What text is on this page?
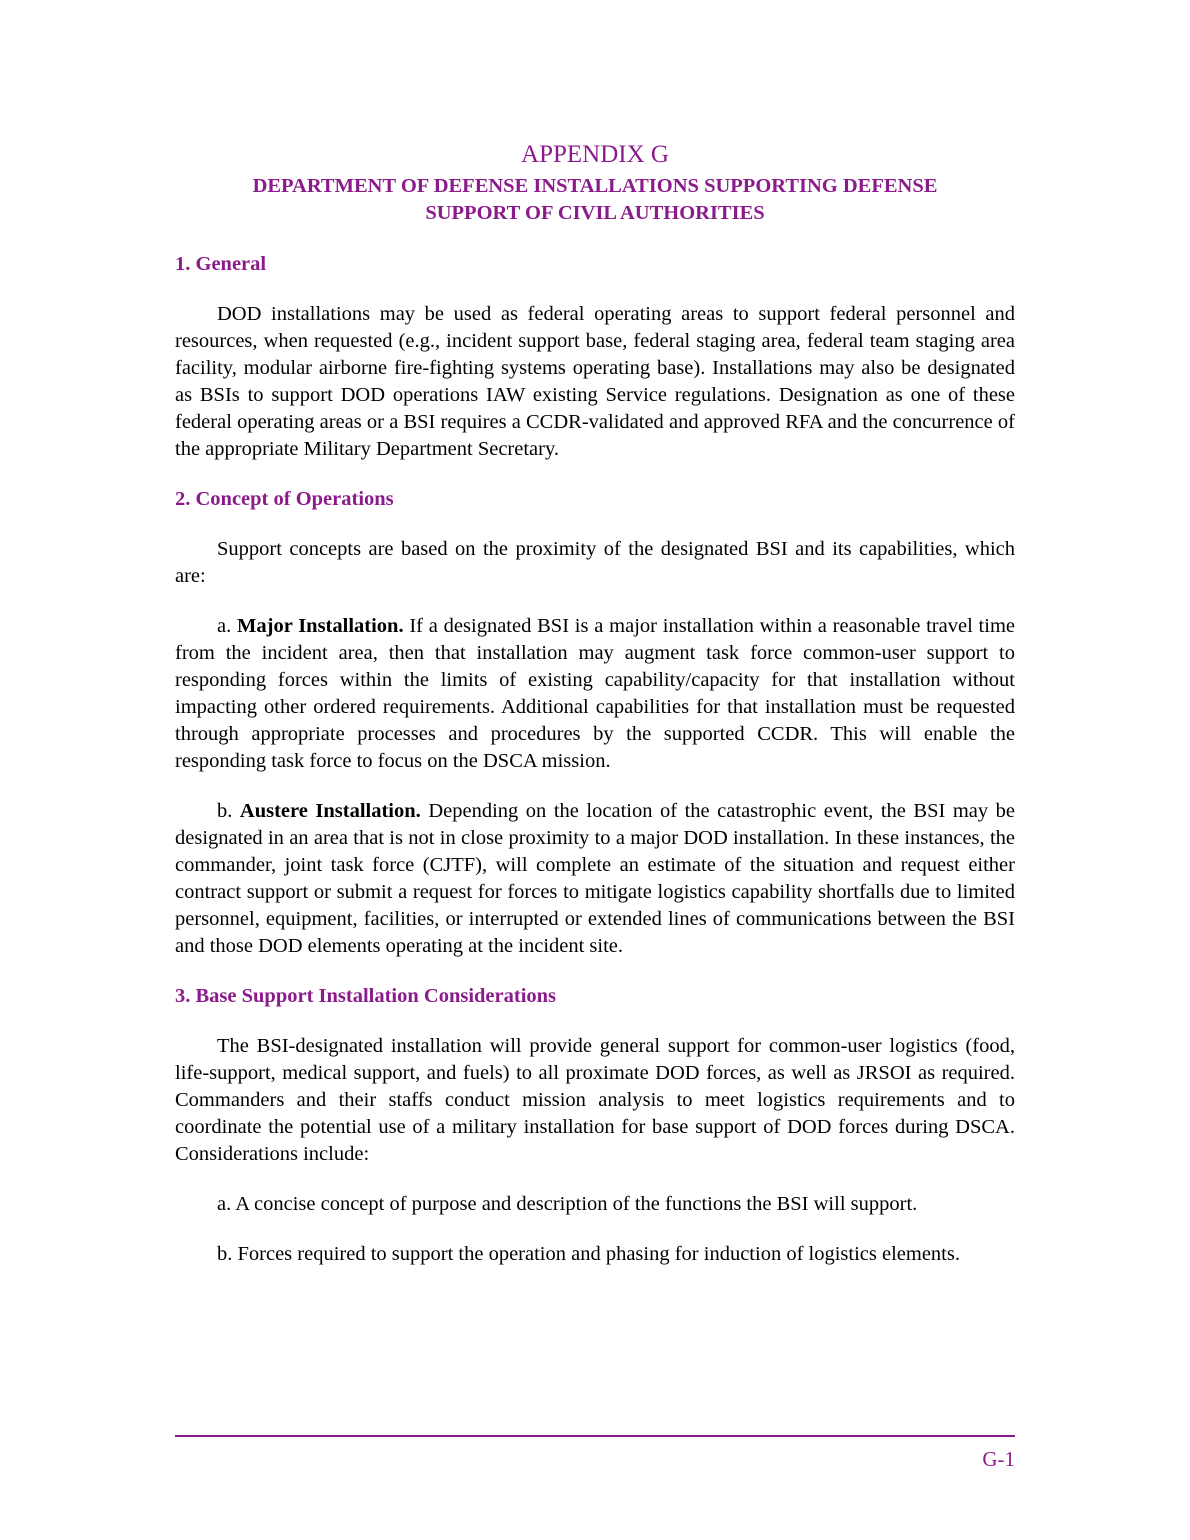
APPENDIX G
DEPARTMENT OF DEFENSE INSTALLATIONS SUPPORTING DEFENSE
SUPPORT OF CIVIL AUTHORITIES
1. General

DOD installations may be used as federal operating areas to support federal personnel and resources, when requested (e.g., incident support base, federal staging area, federal team staging area facility, modular airborne fire-fighting systems operating base). Installations may also be designated as BSIs to support DOD operations IAW existing Service regulations. Designation as one of these federal operating areas or a BSI requires a CCDR-validated and approved RFA and the concurrence of the appropriate Military Department Secretary.

2. Concept of Operations

Support concepts are based on the proximity of the designated BSI and its capabilities, which are:

a. Major Installation. If a designated BSI is a major installation within a reasonable travel time from the incident area, then that installation may augment task force common-user support to responding forces within the limits of existing capability/capacity for that installation without impacting other ordered requirements. Additional capabilities for that installation must be requested through appropriate processes and procedures by the supported CCDR. This will enable the responding task force to focus on the DSCA mission.

b. Austere Installation. Depending on the location of the catastrophic event, the BSI may be designated in an area that is not in close proximity to a major DOD installation. In these instances, the commander, joint task force (CJTF), will complete an estimate of the situation and request either contract support or submit a request for forces to mitigate logistics capability shortfalls due to limited personnel, equipment, facilities, or interrupted or extended lines of communications between the BSI and those DOD elements operating at the incident site.

3. Base Support Installation Considerations

The BSI-designated installation will provide general support for common-user logistics (food, life-support, medical support, and fuels) to all proximate DOD forces, as well as JRSOI as required. Commanders and their staffs conduct mission analysis to meet logistics requirements and to coordinate the potential use of a military installation for base support of DOD forces during DSCA. Considerations include:

a. A concise concept of purpose and description of the functions the BSI will support.

b. Forces required to support the operation and phasing for induction of logistics elements.

G-1
